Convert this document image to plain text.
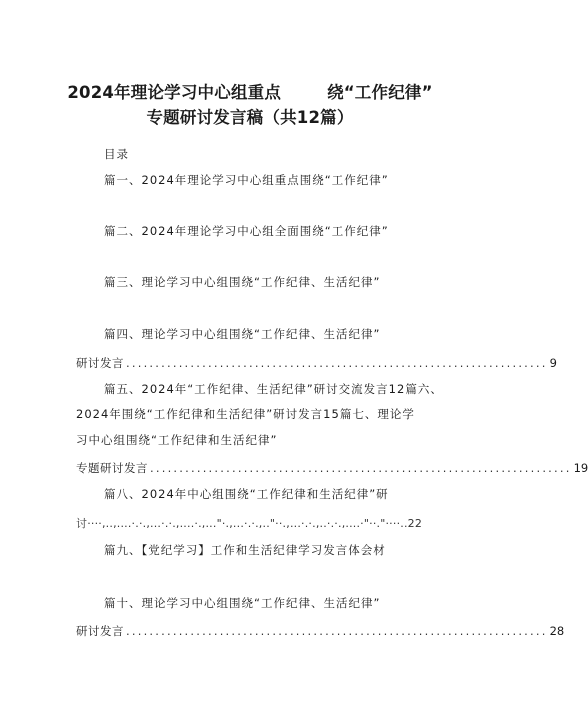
2024年理论学习中心组重点	绕“工作纪律”
专题研讨发言稿（共12篇）
目录
篇一、2024年理论学习中心组重点围绕“工作纪律”
篇二、2024年理论学习中心组全面围绕“工作纪律”
篇三、理论学习中心组围绕“工作纪律、生活纪律”
篇四、理论学习中心组围绕“工作纪律、生活纪律”
研讨发言 ........................................................................ 9
篇五、2024年“工作纪律、生活纪律”研讨交流发言12篇六、
2024年围绕“工作纪律和生活纪律”研讨发言15篇七、理论学
习中心组围绕“工作纪律和生活纪律”
专题研讨发言 ........................................................................ 19
篇八、2024年中心组围绕“工作纪律和生活纪律”研
讨····,..,....·.·.,...·.·.,....·.,..."·.,...·.·.,.."··.,...·.·.,..·.·.,....·"··."····..22
篇九、【党纪学习】工作和生活纪律学习发言体会材
篇十、理论学习中心组围绕“工作纪律、生活纪律”
研讨发言 ........................................................................ 28
